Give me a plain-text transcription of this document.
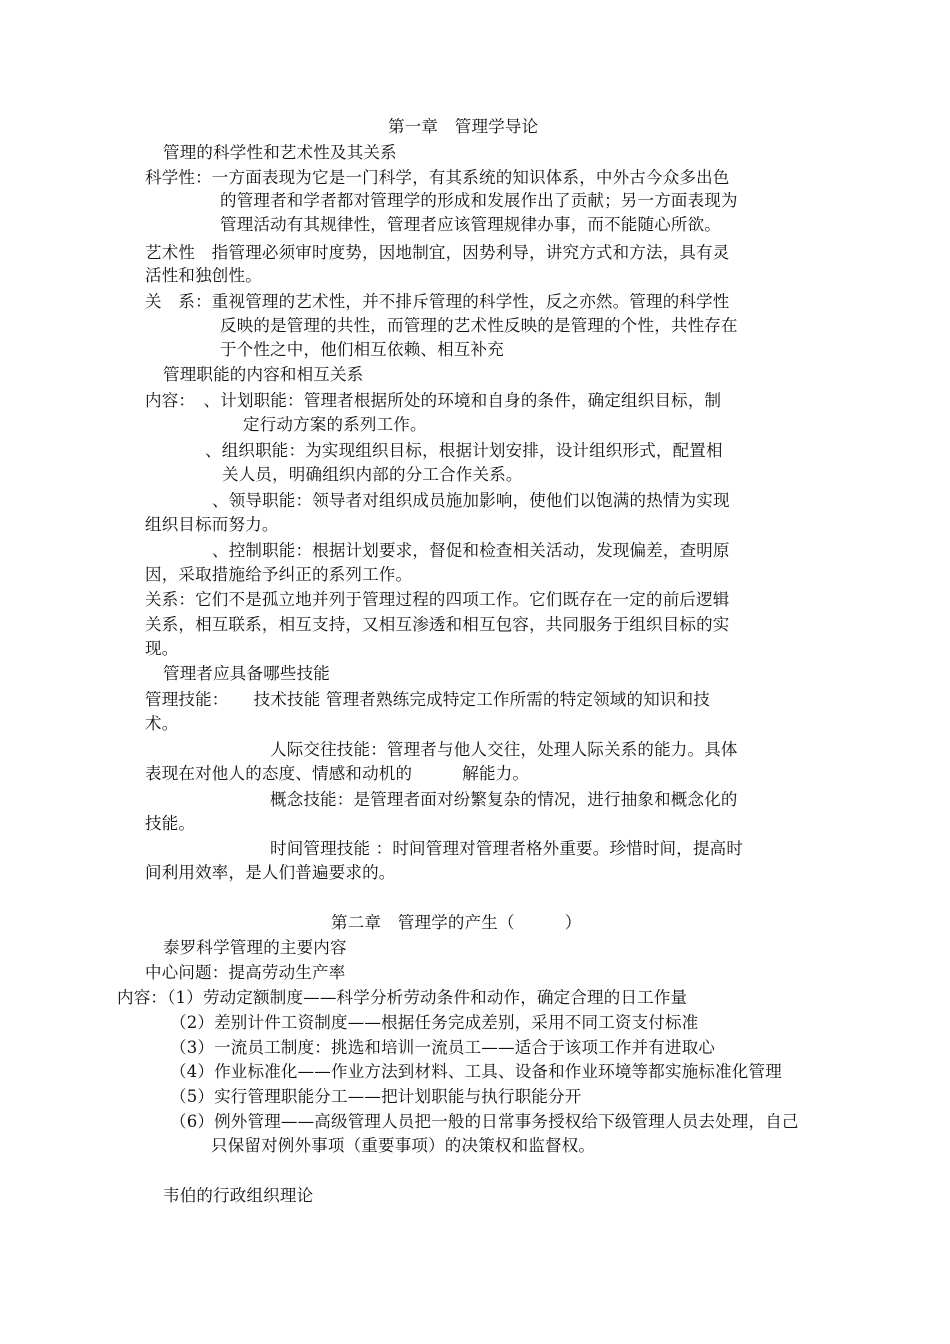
第一章　管理学导论
管理的科学性和艺术性及其关系
科学性：一方面表现为它是一门科学，有其系统的知识体系，中外古今众多出色
的管理者和学者都对管理学的形成和发展作出了贡献；另一方面表现为
管理活动有其规律性，管理者应该管理规律办事，而不能随心所欲。
艺术性　指管理必须审时度势，因地制宜，因势利导，讲究方式和方法，具有灵
活性和独创性。
关　系：重视管理的艺术性，并不排斥管理的科学性，反之亦然。管理的科学性
反映的是管理的共性，而管理的艺术性反映的是管理的个性，共性存在
于个性之中，他们相互依赖、相互补充
管理职能的内容和相互关系
内容：　、计划职能：管理者根据所处的环境和自身的条件，确定组织目标，制
定行动方案的系列工作。
、组织职能：为实现组织目标，根据计划安排，设计组织形式，配置相
关人员，明确组织内部的分工合作关系。
、领导职能：领导者对组织成员施加影响，使他们以饱满的热情为实现
组织目标而努力。
、控制职能：根据计划要求，督促和检查相关活动，发现偏差，查明原
因，采取措施给予纠正的系列工作。
关系：它们不是孤立地并列于管理过程的四项工作。它们既存在一定的前后逻辑
关系，相互联系，相互支持，又相互渗透和相互包容，共同服务于组织目标的实
现。
管理者应具备哪些技能
管理技能：　　技术技能 管理者熟练完成特定工作所需的特定领域的知识和技
术。
人际交往技能：管理者与他人交往，处理人际关系的能力。具体
表现在对他人的态度、情感和动机的　　　解能力。
概念技能：是管理者面对纷繁复杂的情况，进行抽象和概念化的
技能。
时间管理技能 ：时间管理对管理者格外重要。珍惜时间，提高时
间利用效率，是人们普遍要求的。
第二章　管理学的产生（　　　）
泰罗科学管理的主要内容
中心问题：提高劳动生产率
内容：（1）劳动定额制度——科学分析劳动条件和动作，确定合理的日工作量
（2）差别计件工资制度——根据任务完成差别，采用不同工资支付标准
（3）一流员工制度：挑选和培训一流员工——适合于该项工作并有进取心
（4）作业标准化——作业方法到材料、工具、设备和作业环境等都实施标准化管理
（5）实行管理职能分工——把计划职能与执行职能分开
（6）例外管理——高级管理人员把一般的日常事务授权给下级管理人员去处理，自己
只保留对例外事项（重要事项）的决策权和监督权。
韦伯的行政组织理论
